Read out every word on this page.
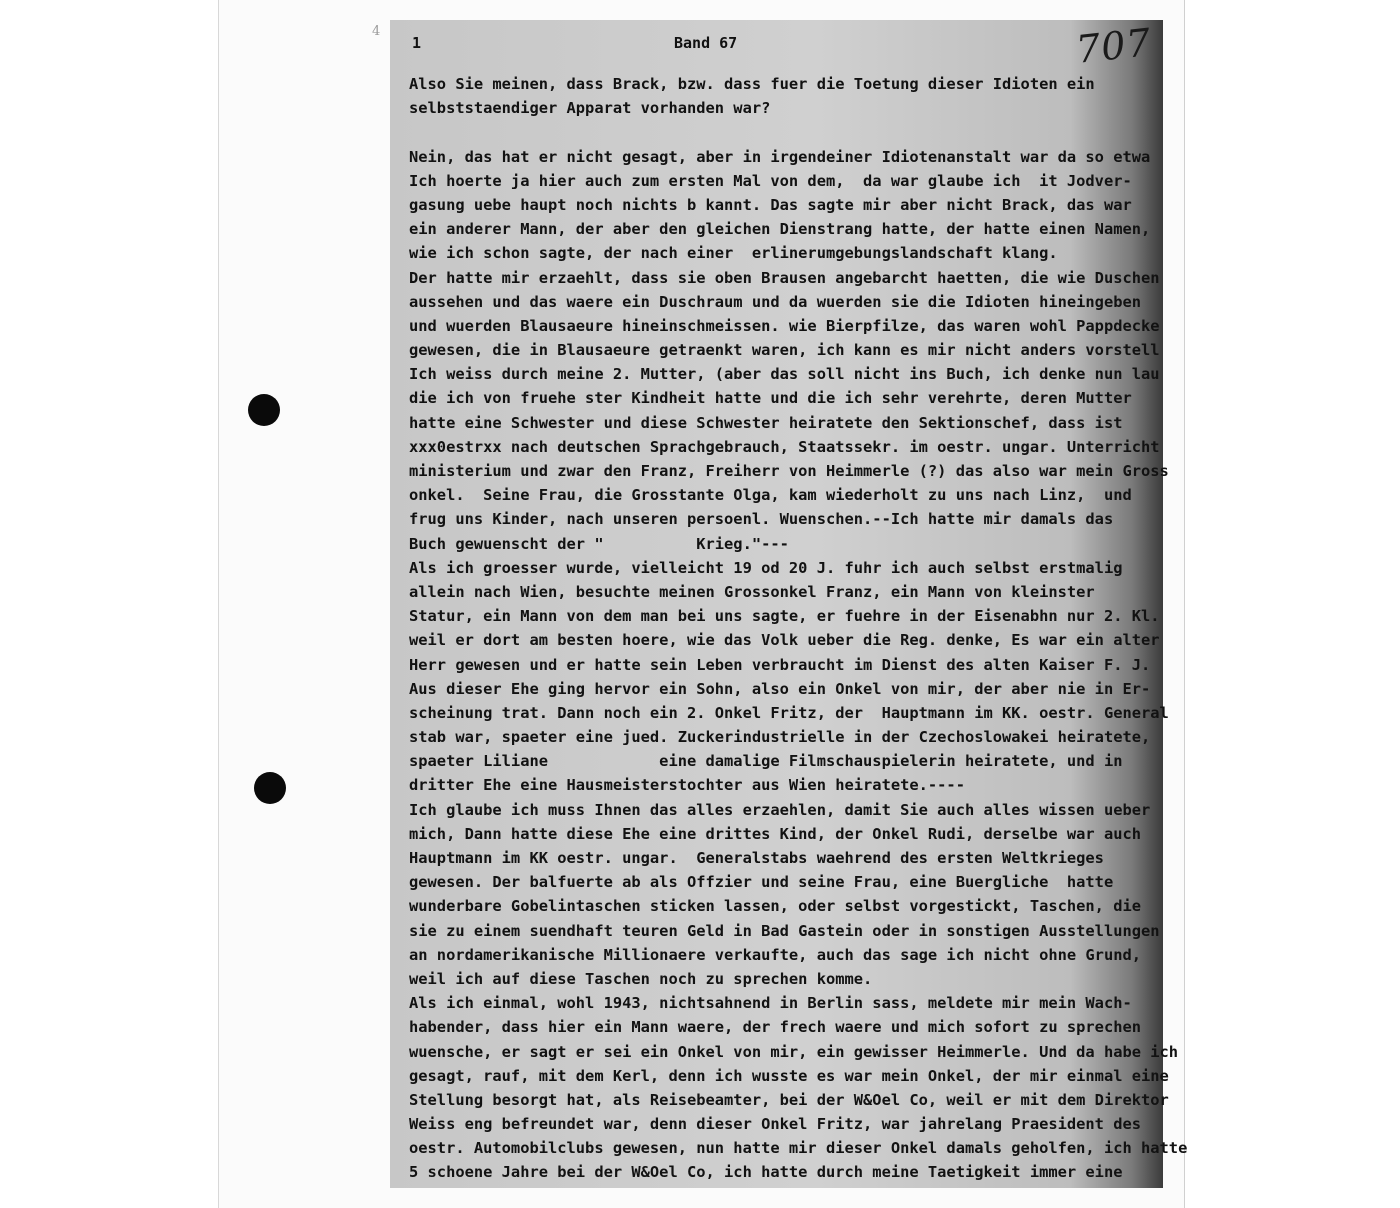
4
1	Band 67	707
Also Sie meinen, dass Brack, bzw. dass fuer die Toetung dieser Idioten ein
selbststaendiger Apparat vorhanden war?
Nein, das hat er nicht gesagt, aber in irgendeiner Idiotenanstalt war da so etwa
Ich hoerte ja hier auch zum ersten Mal von dem,  da war glaube ich  it Jodver-
gasung uebe haupt noch nichts b kannt. Das sagte mir aber nicht Brack, das war
ein anderer Mann, der aber den gleichen Dienstrang hatte, der hatte einen Namen,
wie ich schon sagte, der nach einer  erlinerumgebungslandschaft klang.
Der hatte mir erzaehlt, dass sie oben Brausen angebarcht haetten, die wie Duschen
aussehen und das waere ein Duschraum und da wuerden sie die Idioten hineingeben
und wuerden Blausaeure hineinschmeissen. wie Bierpfilze, das waren wohl Pappdecke
gewesen, die in Blausaeure getraenkt waren, ich kann es mir nicht anders vorstell
Ich weiss durch meine 2. Mutter, (aber das soll nicht ins Buch, ich denke nun lau
die ich von fruehe ster Kindheit hatte und die ich sehr verehrte, deren Mutter
hatte eine Schwester und diese Schwester heiratete den Sektionschef, dass ist
xxx0estrxx nach deutschen Sprachgebrauch, Staatssekr. im oestr. ungar. Unterricht
ministerium und zwar den Franz, Freiherr von Heimmerle (?) das also war mein Gross
onkel.  Seine Frau, die Grosstante Olga, kam wiederholt zu uns nach Linz,  und
frug uns Kinder, nach unseren persoenl. Wuenschen.--Ich hatte mir damals das
Buch gewuenscht der "          Krieg."---
Als ich groesser wurde, vielleicht 19 od 20 J. fuhr ich auch selbst erstmalig
allein nach Wien, besuchte meinen Grossonkel Franz, ein Mann von kleinster
Statur, ein Mann von dem man bei uns sagte, er fuehre in der Eisenabhn nur 2. Kl.
weil er dort am besten hoere, wie das Volk ueber die Reg. denke, Es war ein alter
Herr gewesen und er hatte sein Leben verbraucht im Dienst des alten Kaiser F. J.
Aus dieser Ehe ging hervor ein Sohn, also ein Onkel von mir, der aber nie in Er-
scheinung trat. Dann noch ein 2. Onkel Fritz, der  Hauptmann im KK. oestr. General
stab war, spaeter eine jued. Zuckerindustrielle in der Czechoslowakei heiratete,
spaeter Liliane            eine damalige Filmschauspielerin heiratete, und in
dritter Ehe eine Hausmeisterstochter aus Wien heiratete.----
Ich glaube ich muss Ihnen das alles erzaehlen, damit Sie auch alles wissen ueber
mich, Dann hatte diese Ehe eine drittes Kind, der Onkel Rudi, derselbe war auch
Hauptmann im KK oestr. ungar.  Generalstabs waehrend des ersten Weltkrieges
gewesen. Der balfuerte ab als Offzier und seine Frau, eine Buergliche  hatte
wunderbare Gobelintaschen sticken lassen, oder selbst vorgestickt, Taschen, die
sie zu einem suendhaft teuren Geld in Bad Gastein oder in sonstigen Ausstellungen
an nordamerikanische Millionaere verkaufte, auch das sage ich nicht ohne Grund,
weil ich auf diese Taschen noch zu sprechen komme.
Als ich einmal, wohl 1943, nichtsahnend in Berlin sass, meldete mir mein Wach-
habender, dass hier ein Mann waere, der frech waere und mich sofort zu sprechen
wuensche, er sagt er sei ein Onkel von mir, ein gewisser Heimmerle. Und da habe ich
gesagt, rauf, mit dem Kerl, denn ich wusste es war mein Onkel, der mir einmal eine
Stellung besorgt hat, als Reisebeamter, bei der W&Oel Co, weil er mit dem Direktor
Weiss eng befreundet war, denn dieser Onkel Fritz, war jahrelang Praesident des
oestr. Automobilclubs gewesen, nun hatte mir dieser Onkel damals geholfen, ich hatte
5 schoene Jahre bei der W&Oel Co, ich hatte durch meine Taetigkeit immer eine
